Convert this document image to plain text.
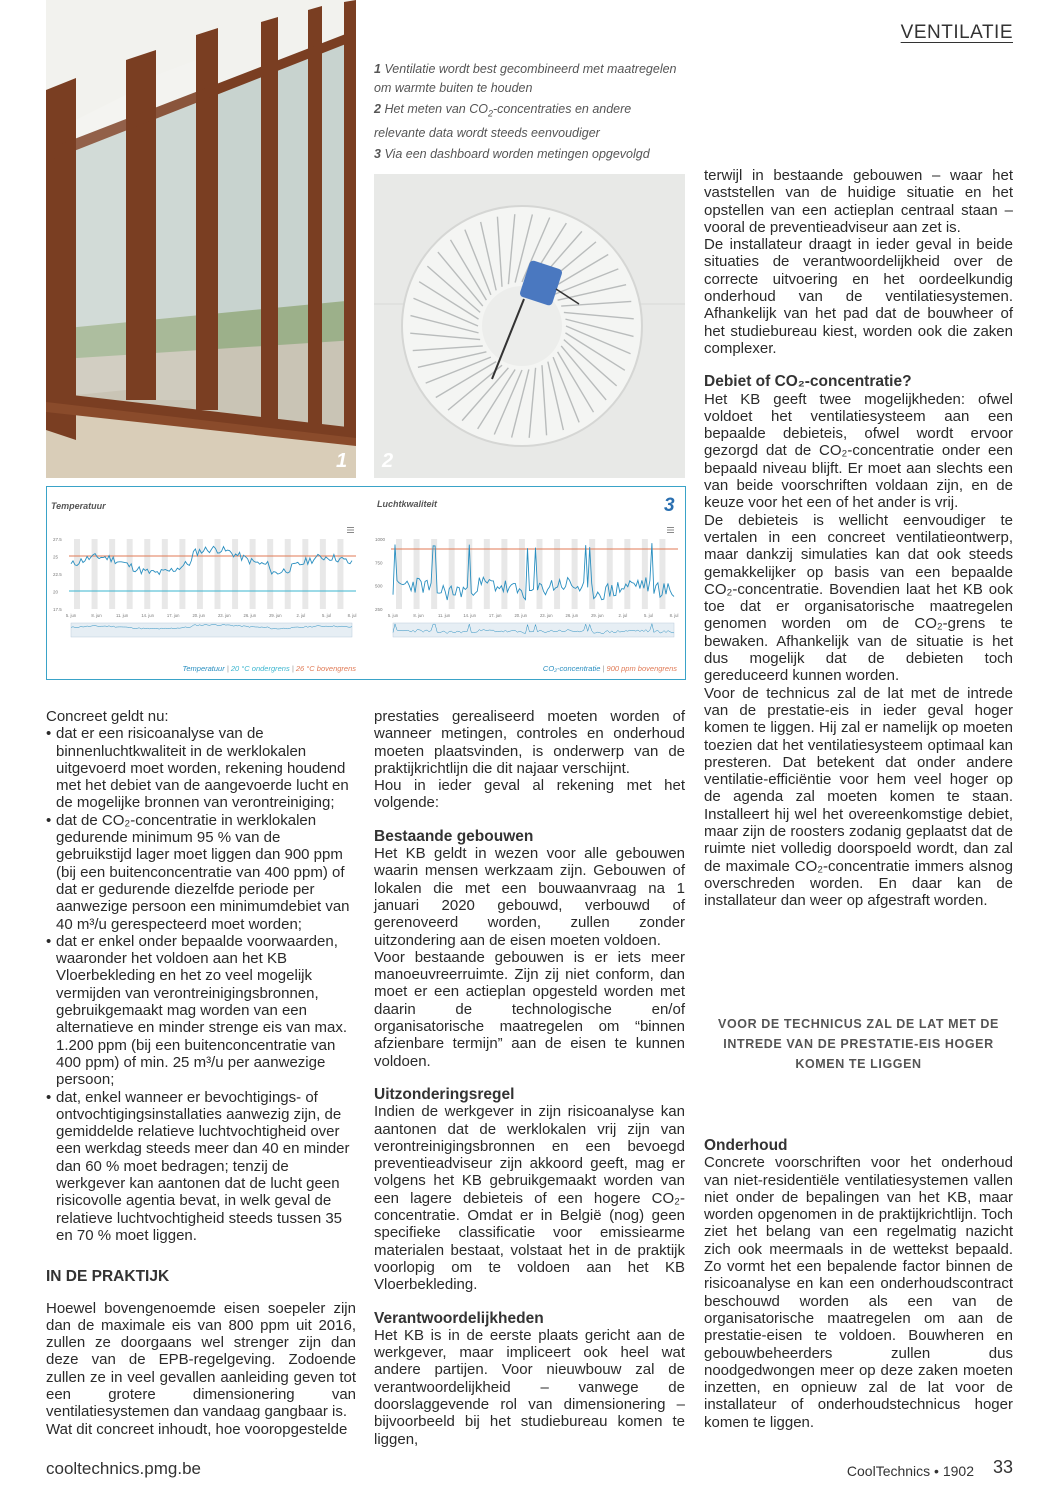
VENTILATIE
1

1 Ventilatie wordt best gecombineerd met maatregelen om warmte buiten te houden

2 Het meten van $CO_2$-concentraties en andere relevante data wordt steeds eenvoudiger

3 Via een dashboard worden metingen opgevolgd

2
Temperatuur	Luchtkwaliteit	3
27.5
25
22.5
20
17.5
5. jun	8. jun	11. jun	14. jun	17. jun	20. jun	23. jun	26. jun	29. jun	2. jul	5. jul	8. jul
1000
750
500
250
5. jun	8. jun	11. jun	14. jun	17. jun	20. jun	23. jun	26. jun	29. jun	2. jul	5. jul	8. jul
Temperatuur | 20 °C ondergrens | 26 °C bovengrens	CO₂-concentratie | 900 ppm bovengrens

Concreet geldt nu:

• dat er een risicoanalyse van de binnenluchtkwaliteit in de werklokalen uitgevoerd moet worden, rekening houdend met het debiet van de aangevoerde lucht en de mogelijke bronnen van verontreiniging;
• dat de CO₂-concentratie in werklokalen gedurende minimum 95 % van de gebruikstijd lager moet liggen dan 900 ppm (bij een buitenconcentratie van 400 ppm) of dat er gedurende diezelfde periode per aanwezige persoon een minimumdebiet van 40 m³/u gerespecteerd moet worden;
• dat er enkel onder bepaalde voorwaarden, waaronder het voldoen aan het KB Vloerbekleding en het zo veel mogelijk vermijden van verontreinigingsbronnen, gebruikgemaakt mag worden van een alternatieve en minder strenge eis van max. 1.200 ppm (bij een buitenconcentratie van 400 ppm) of min. 25 m³/u per aanwezige persoon;
• dat, enkel wanneer er bevochtigings- of ontvochtigingsinstallaties aanwezig zijn, de gemiddelde relatieve luchtvochtigheid over een werkdag steeds meer dan 40 en minder dan 60 % moet bedragen; tenzij de werkgever kan aantonen dat de lucht geen risicovolle agentia bevat, in welk geval de relatieve luchtvochtigheid steeds tussen 35 en 70 % moet liggen.
IN DE PRAKTIJK

Hoewel bovengenoemde eisen soepeler zijn dan de maximale eis van 800 ppm uit 2016, zullen ze doorgaans wel strenger zijn dan deze van de EPB-regelgeving. Zodoende zullen ze in veel gevallen aanleiding geven tot een grotere dimensionering van ventilatiesystemen dan vandaag gangbaar is.

Wat dit concreet inhoudt, hoe vooropgestelde

prestaties gerealiseerd moeten worden of wanneer metingen, controles en onderhoud moeten plaatsvinden, is onderwerp van de praktijkrichtlijn die dit najaar verschijnt.

Hou in ieder geval al rekening met het volgende:

Bestaande gebouwen

Het KB geldt in wezen voor alle gebouwen waarin mensen werkzaam zijn. Gebouwen of lokalen die met een bouwaanvraag na 1 januari 2020 gebouwd, verbouwd of gerenoveerd worden, zullen zonder uitzondering aan de eisen moeten voldoen.

Voor bestaande gebouwen is er iets meer manoeuvreerruimte. Zijn zij niet conform, dan moet er een actieplan opgesteld worden met daarin de technologische en/of organisatorische maatregelen om “binnen afzienbare termijn” aan de eisen te kunnen voldoen.

Uitzonderingsregel

Indien de werkgever in zijn risicoanalyse kan aantonen dat de werklokalen vrij zijn van verontreinigingsbronnen en een bevoegd preventieadviseur zijn akkoord geeft, mag er volgens het KB gebruikgemaakt worden van een lagere debieteis of een hogere CO₂-concentratie. Omdat er in België (nog) geen specifieke classificatie voor emissiearme materialen bestaat, volstaat het in de praktijk voorlopig om te voldoen aan het KB Vloerbekleding.

Verantwoordelijkheden

Het KB is in de eerste plaats gericht aan de werkgever, maar impliceert ook heel wat andere partijen. Voor nieuwbouw zal de verantwoordelijkheid – vanwege de doorslaggevende rol van dimensionering – bijvoorbeeld bij het studiebureau komen te liggen,

terwijl in bestaande gebouwen – waar het vaststellen van de huidige situatie en het opstellen van een actieplan centraal staan – vooral de preventieadviseur aan zet is.

De installateur draagt in ieder geval in beide situaties de verantwoordelijkheid over de correcte uitvoering en het oordeelkundig onderhoud van de ventilatiesystemen. Afhankelijk van het pad dat de bouwheer of het studiebureau kiest, worden ook die zaken complexer.

Debiet of CO₂-concentratie?

Het KB geeft twee mogelijkheden: ofwel voldoet het ventilatiesysteem aan een bepaalde debieteis, ofwel wordt ervoor gezorgd dat de CO₂-concentratie onder een bepaald niveau blijft. Er moet aan slechts een van beide voorschriften voldaan zijn, en de keuze voor het een of het ander is vrij.

De debieteis is wellicht eenvoudiger te vertalen in een concreet ventilatieontwerp, maar dankzij simulaties kan dat ook steeds gemakkelijker op basis van een bepaalde CO₂-concentratie. Bovendien laat het KB ook toe dat er organisatorische maatregelen genomen worden om de CO₂-grens te bewaken. Afhankelijk van de situatie is het dus mogelijk dat de debieten toch gereduceerd kunnen worden.

Voor de technicus zal de lat met de intrede van de prestatie-eis in ieder geval hoger komen te liggen. Hij zal er namelijk op moeten toezien dat het ventilatiesysteem optimaal kan presteren. Dat betekent dat onder andere ventilatie-efficiëntie voor hem veel hoger op de agenda zal moeten komen te staan. Installeert hij wel het overeenkomstige debiet, maar zijn de roosters zodanig geplaatst dat de ruimte niet volledig doorspoeld wordt, dan zal de maximale CO₂-concentratie immers alsnog overschreden worden. En daar kan de installateur dan weer op afgestraft worden.

VOOR DE TECHNICUS ZAL DE LAT MET DE INTREDE VAN DE PRESTATIE-EIS HOGER KOMEN TE LIGGEN
Onderhoud

Concrete voorschriften voor het onderhoud van niet-residentiële ventilatiesystemen vallen niet onder de bepalingen van het KB, maar worden opgenomen in de praktijkrichtlijn. Toch ziet het belang van een regelmatig nazicht zich ook meermaals in de wettekst bepaald. Zo vormt het een bepalende factor binnen de risicoanalyse en kan een onderhoudscontract beschouwd worden als een van de organisatorische maatregelen om aan de prestatie-eisen te voldoen. Bouwheren en gebouwbeheerders zullen dus noodgedwongen meer op deze zaken moeten inzetten, en opnieuw zal de lat voor de installateur of onderhoudstechnicus hoger komen te liggen.

cooltechnics.pmg.be	CoolTechnics • 1902 33
